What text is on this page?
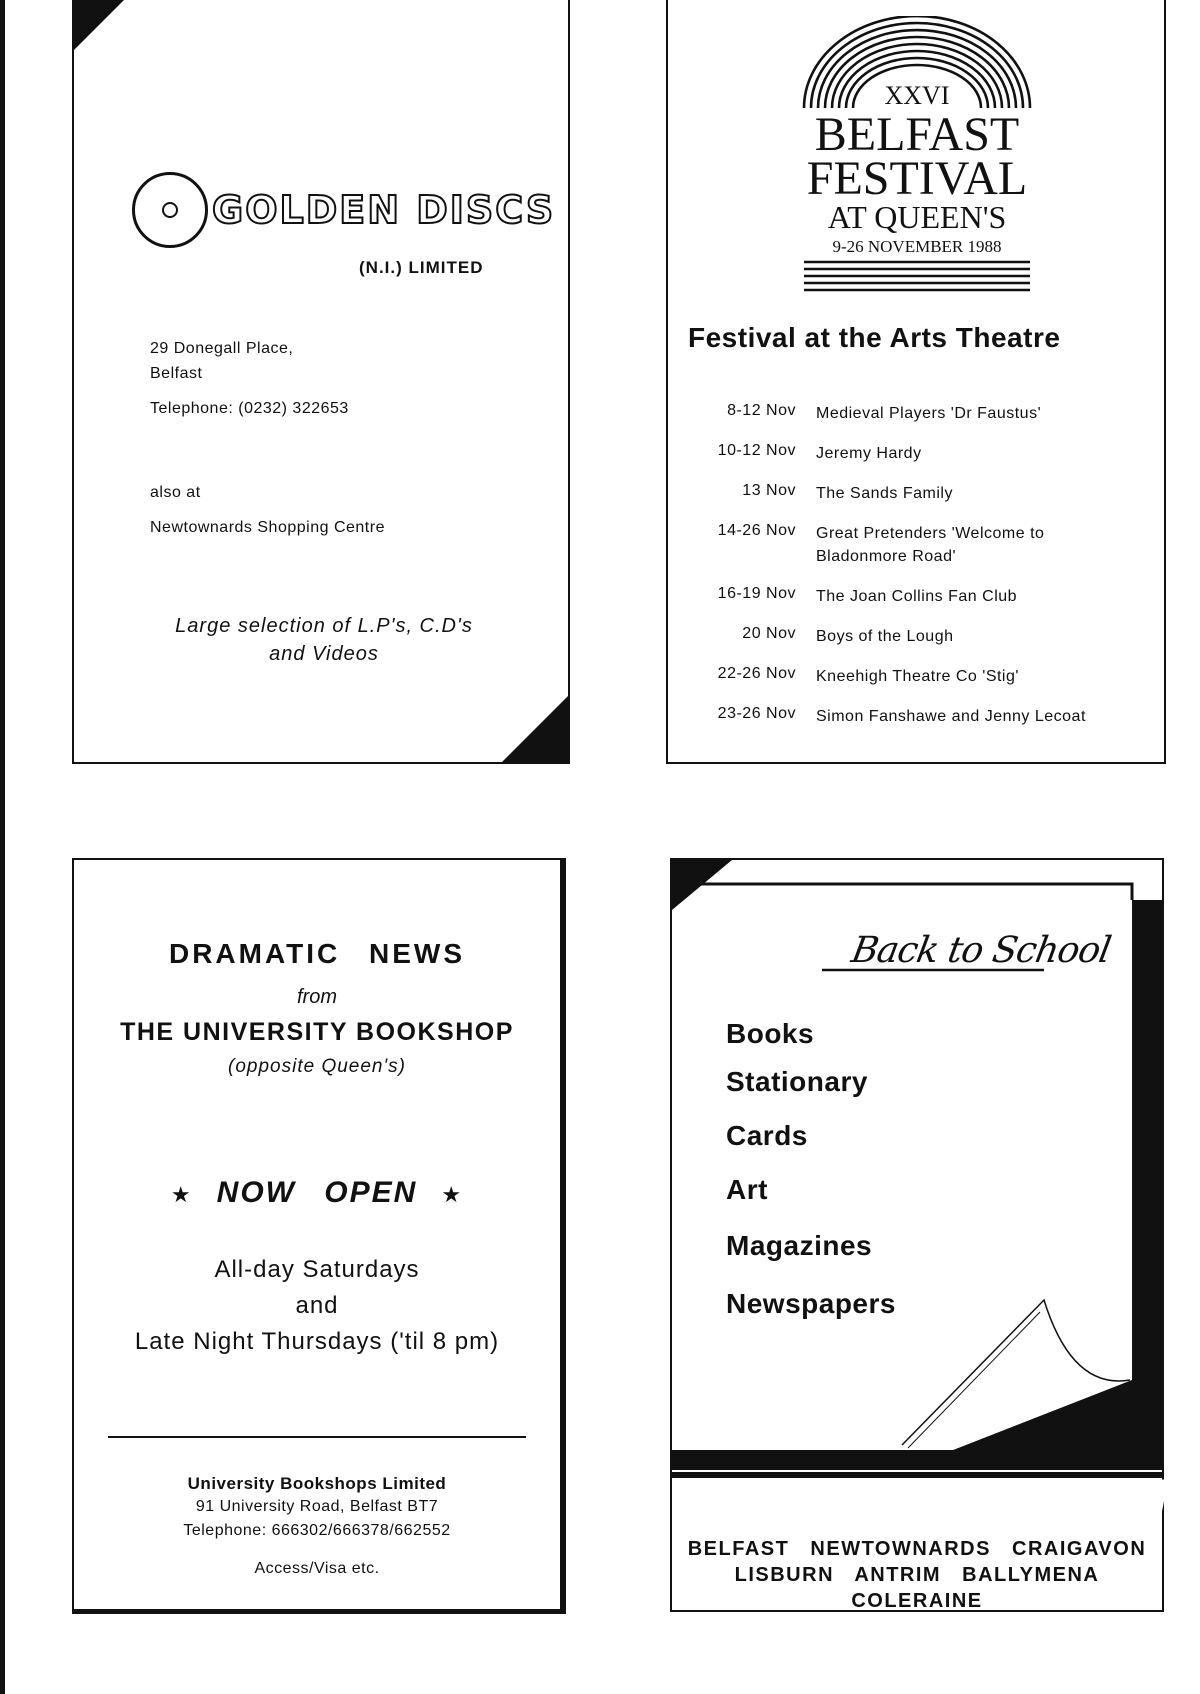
GOLDEN DISCS
(N.I.) LIMITED
29 Donegall Place,
Belfast
Telephone: (0232) 322653
also at
Newtownards Shopping Centre
Large selection of L.P's, C.D's
and Videos
XXVI
BELFAST
FESTIVAL
AT QUEEN'S
9-26 NOVEMBER 1988
Festival at the Arts Theatre
8-12 Nov Medieval Players 'Dr Faustus'
10-12 Nov Jeremy Hardy
13 Nov The Sands Family
14-26 Nov Great Pretenders 'Welcome to Bladonmore Road'
16-19 Nov The Joan Collins Fan Club
20 Nov Boys of the Lough
22-26 Nov Kneehigh Theatre Co 'Stig'
23-26 Nov Simon Fanshawe and Jenny Lecoat
DRAMATIC NEWS
from
THE UNIVERSITY BOOKSHOP
(opposite Queen's)
★ NOW OPEN ★
All-day Saturdays
and
Late Night Thursdays ('til 8 pm)
University Bookshops Limited
91 University Road, Belfast BT7
Telephone: 666302/666378/662552
Access/Visa etc.
Back to School
Books
Stationary
Cards
Art
Magazines
Newspapers
EASON
BELFAST NEWTOWNARDS CRAIGAVON
LISBURN ANTRIM BALLYMENA
COLERAINE
